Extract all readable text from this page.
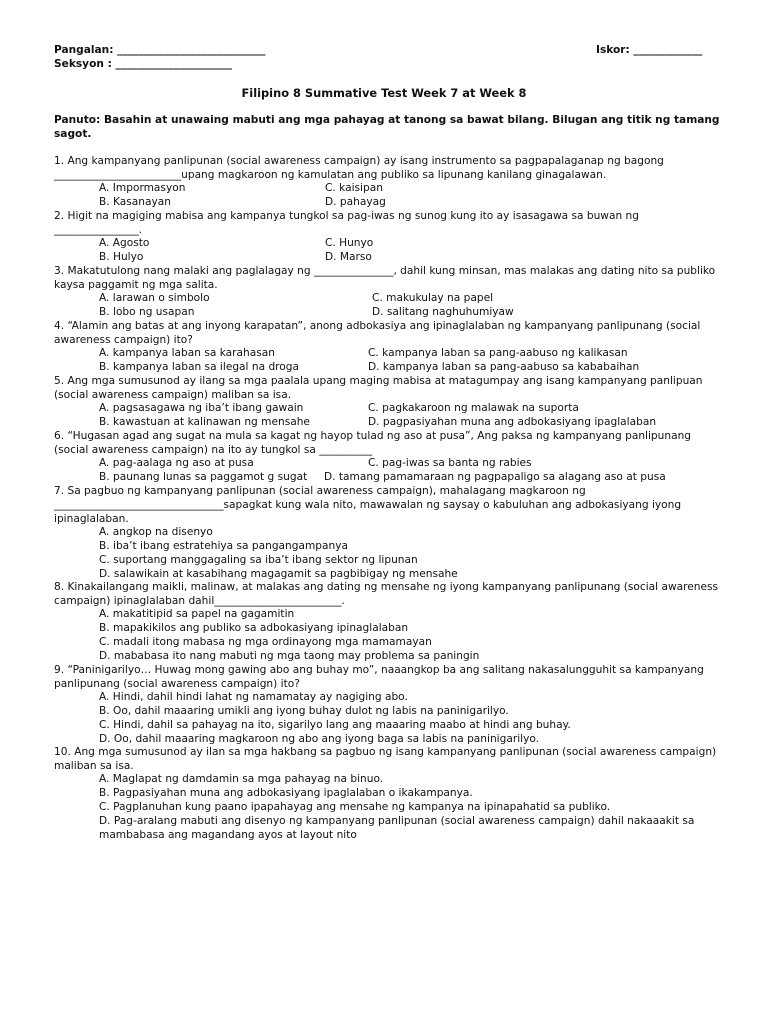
Pangalan: ____________________________
Seksyon : ______________________
Iskor: _____________
Filipino 8 Summative Test Week 7 at Week 8
Panuto: Basahin at unawaing mabuti ang mga pahayag at tanong sa bawat bilang. Bilugan ang titik ng tamang sagot.
1. Ang kampanyang panlipunan (social awareness campaign) ay isang instrumento sa pagpapalaganap ng bagong ________________________upang magkaroon ng kamulatan ang publiko sa lipunang kanilang ginagalawan.
A. Impormasyon
B. Kasanayan
C. kaisipan
D. pahayag
2. Higit na magiging mabisa ang kampanya tungkol sa pag-iwas ng sunog kung ito ay isasagawa sa buwan ng ________________.
A. Agosto
B. Hulyo
C. Hunyo
D. Marso
3. Makatutulong nang malaki ang paglalagay ng _______________, dahil kung minsan, mas malakas ang dating nito sa publiko kaysa paggamit ng mga salita.
A. larawan o simbolo
B. lobo ng usapan
C. makukulay na papel
D. salitang naghuhumiyaw
4. “Alamin ang batas at ang inyong karapatan”, anong adbokasiya ang ipinaglalaban ng kampanyang panlipunang (social awareness campaign) ito?
A. kampanya laban sa karahasan
B. kampanya laban sa ilegal na droga
C. kampanya laban sa pang-aabuso ng kalikasan
D. kampanya laban sa pang-aabuso sa kababaihan
5. Ang mga sumusunod ay ilang sa mga paalala upang maging mabisa at matagumpay ang isang kampanyang panlipuan (social awareness campaign) maliban sa isa.
A. pagsasagawa ng iba’t ibang gawain
B. kawastuan at kalinawan ng mensahe
C. pagkakaroon ng malawak na suporta
D. pagpasiyahan muna ang adbokasiyang ipaglalaban
6. “Hugasan agad ang sugat na mula sa kagat ng hayop tulad ng aso at pusa”, Ang paksa ng kampanyang panlipunang (social awareness campaign) na ito ay tungkol sa __________
A. pag-aalaga ng aso at pusa
B. paunang lunas sa paggamot g sugat
C. pag-iwas sa banta ng rabies
D. tamang pamamaraan ng pagpapaligo sa alagang aso at pusa
7. Sa pagbuo ng kampanyang panlipunan (social awareness campaign), mahalagang magkaroon ng ________________________________sapagkat kung wala nito, mawawalan ng saysay o kabuluhan ang adbokasiyang iyong ipinaglalaban.
A. angkop na disenyo
B. iba’t ibang estratehiya sa pangangampanya
C. suportang manggagaling sa iba’t ibang sektor ng lipunan
D. salawikain at kasabihang magagamit sa pagbibigay ng mensahe
8. Kinakailangang maikli, malinaw, at malakas ang dating ng mensahe ng iyong kampanyang panlipunang (social awareness campaign) ipinaglalaban dahil________________________.
A. makatitipid sa papel na gagamitin
B. mapakikilos ang publiko sa adbokasiyang ipinaglalaban
C. madali itong mabasa ng mga ordinayong mga mamamayan
D. mababasa ito nang mabuti ng mga taong may problema sa paningin
9. “Paninigarilyo… Huwag mong gawing abo ang buhay mo”, naaangkop ba ang salitang nakasalungguhit sa kampanyang panlipunang (social awareness campaign) ito?
A. Hindi, dahil hindi lahat ng namamatay ay nagiging abo.
B. Oo, dahil maaaring umikli ang iyong buhay dulot ng labis na paninigarilyo.
C. Hindi, dahil sa pahayag na ito, sigarilyo lang ang maaaring maabo at hindi ang buhay.
D. Oo, dahil maaaring magkaroon ng abo ang iyong baga sa labis na paninigarilyo.
10. Ang mga sumusunod ay ilan sa mga hakbang sa pagbuo ng isang kampanyang panlipunan (social awareness campaign) maliban sa isa.
A. Maglapat ng damdamin sa mga pahayag na binuo.
B. Pagpasiyahan muna ang adbokasiyang ipaglalaban o ikakampanya.
C. Pagplanuhan kung paano ipapahayag ang mensahe ng kampanya na ipinapahatid sa publiko.
D. Pag-aralang mabuti ang disenyo ng kampanyang panlipunan (social awareness campaign) dahil nakaaakit sa mambabasa ang magandang ayos at layout nito
